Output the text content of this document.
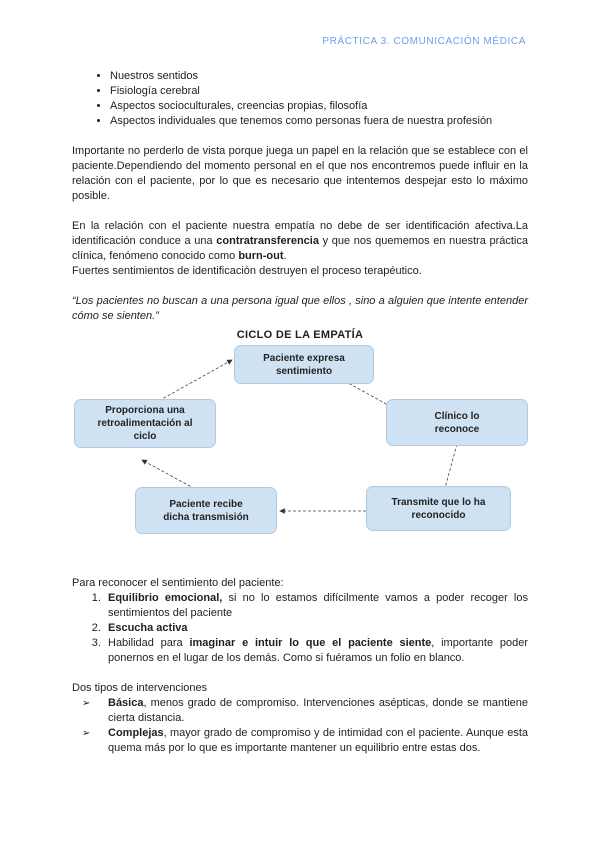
PRÁCTICA 3. COMUNICACIÓN MÉDICA
• Nuestros sentidos
• Fisiología cerebral
• Aspectos socioculturales, creencias propias, filosofía
• Aspectos individuales que tenemos como personas fuera de nuestra profesión

Importante no perderlo de vista porque juega un papel en la relación que se establece con el paciente.Dependiendo del momento personal en el que nos encontremos puede influir en la relación con el paciente, por lo que es necesario que intentemos despejar esto lo máximo posible.

En la relación con el paciente nuestra empatía no debe de ser identificación afectiva.La identificación conduce a una contratransferencia y que nos quememos en nuestra práctica clínica, fenómeno conocido como burn-out.

Fuertes sentimientos de identificación destruyen el proceso terapéutico.

“Los pacientes no buscan a una persona igual que ellos , sino a alguien que intente entender cómo se sienten.”

CICLO DE LA EMPATÍA
Paciente expresa sentimiento
Clínico lo reconoce
Transmite que lo ha reconocido
Paciente recibe dicha transmisión
Proporciona una retroalimentación al ciclo

Para reconocer el sentimiento del paciente:

1. Equilibrio emocional, si no lo estamos difícilmente vamos a poder recoger los sentimientos del paciente
2. Escucha activa
3. Habilidad para imaginar e intuir lo que el paciente siente, importante poder ponernos en el lugar de los demás. Como si fuéramos un folio en blanco.

Dos tipos de intervenciones

➢ Básica, menos grado de compromiso. Intervenciones asépticas, donde se mantiene cierta distancia.
➢ Complejas, mayor grado de compromiso y de intimidad con el paciente. Aunque esta quema más por lo que es importante mantener un equilibrio entre estas dos.
